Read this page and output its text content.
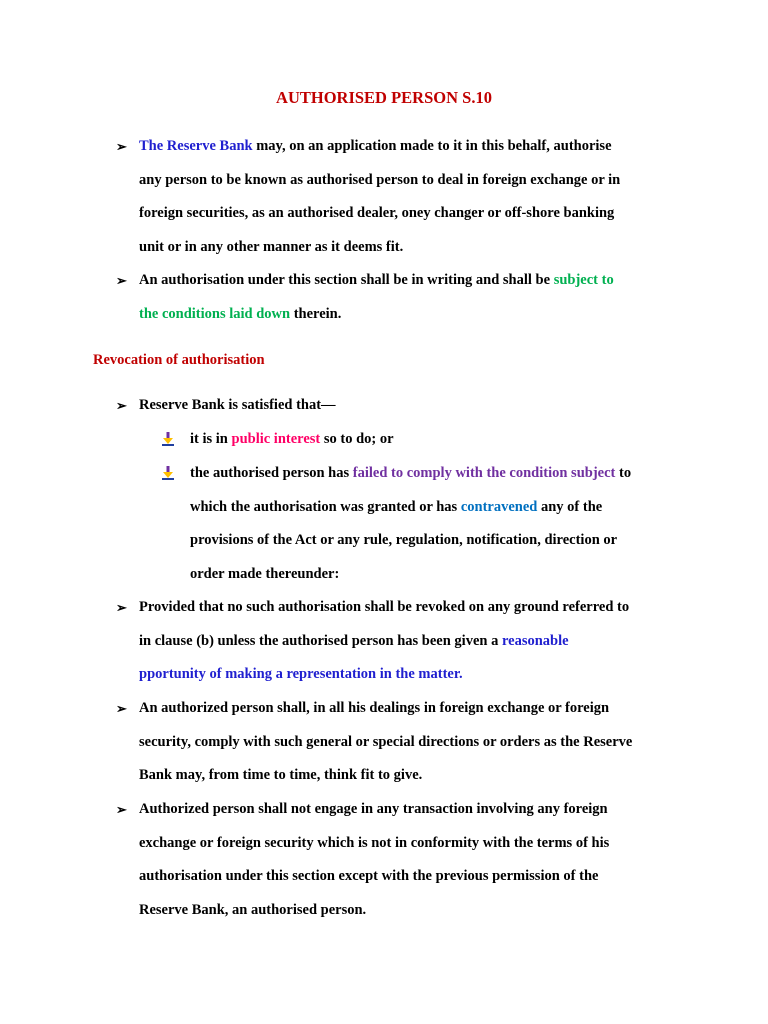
AUTHORISED PERSON S.10
➢ The Reserve Bank may, on an application made to it in this behalf, authorise any person to be known as authorised person to deal in foreign exchange or in foreign securities, as an authorised dealer, oney changer or off-shore banking unit or in any other manner as it deems fit.
➢ An authorisation under this section shall be in writing and shall be subject to the conditions laid down therein.
Revocation of authorisation
➢ Reserve Bank is satisfied that—
it is in public interest so to do; or
the authorised person has failed to comply with the condition subject to which the authorisation was granted or has contravened any of the provisions of the Act or any rule, regulation, notification, direction or order made thereunder:
➢ Provided that no such authorisation shall be revoked on any ground referred to in clause (b) unless the authorised person has been given a reasonable pportunity of making a representation in the matter.
➢ An authorized person shall, in all his dealings in foreign exchange or foreign security, comply with such general or special directions or orders as the Reserve Bank may, from time to time, think fit to give.
➢ Authorized person shall not engage in any transaction involving any foreign exchange or foreign security which is not in conformity with the terms of his authorisation under this section except with the previous permission of the Reserve Bank, an authorised person.
